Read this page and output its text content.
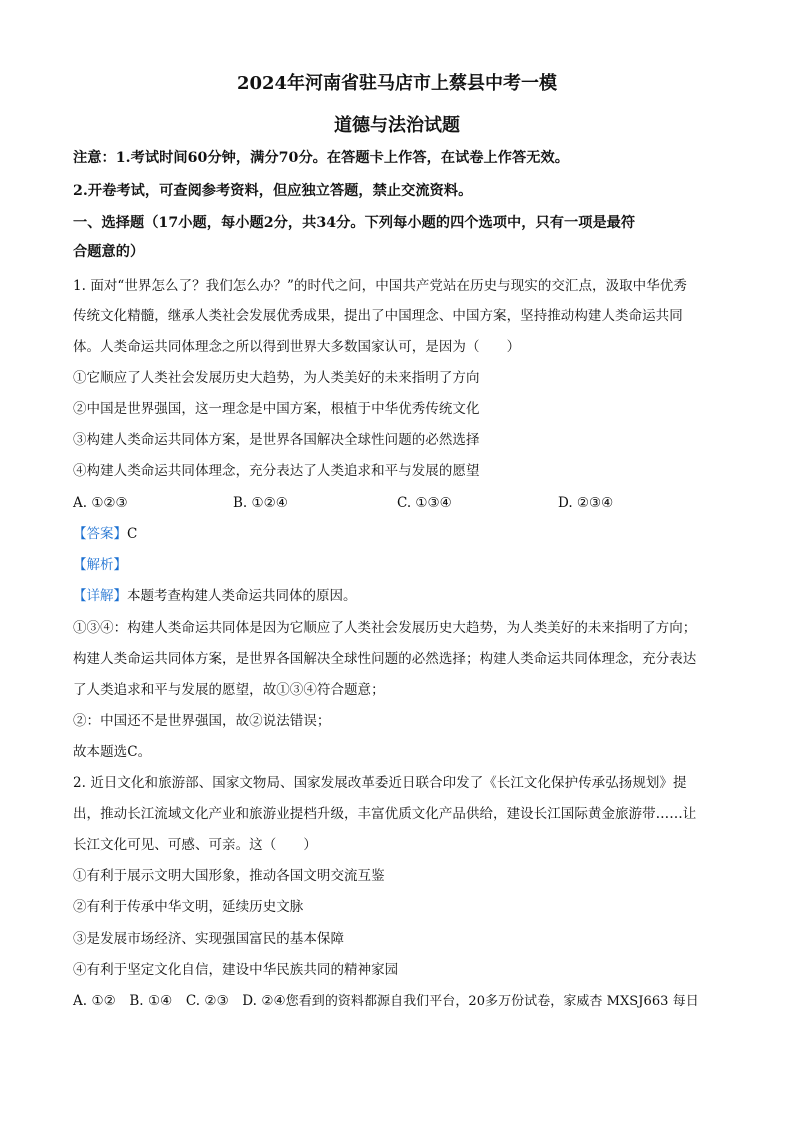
2024年河南省驻马店市上蔡县中考一模
道德与法治试题
注意：1.考试时间60分钟，满分70分。在答题卡上作答，在试卷上作答无效。
2.开卷考试，可查阅参考资料，但应独立答题，禁止交流资料。
一、选择题（17小题，每小题2分，共34分。下列每小题的四个选项中，只有一项是最符
合题意的）
1. 面对“世界怎么了？我们怎么办？”的时代之问，中国共产党站在历史与现实的交汇点，汲取中华优秀
传统文化精髓，继承人类社会发展优秀成果，提出了中国理念、中国方案，坚持推动构建人类命运共同
体。人类命运共同体理念之所以得到世界大多数国家认可，是因为（　　）
①它顺应了人类社会发展历史大趋势，为人类美好的未来指明了方向
②中国是世界强国，这一理念是中国方案，根植于中华优秀传统文化
③构建人类命运共同体方案，是世界各国解决全球性问题的必然选择
④构建人类命运共同体理念，充分表达了人类追求和平与发展的愿望
A. ①②③	B. ①②④	C. ①③④	D. ②③④
【答案】C
【解析】
【详解】本题考查构建人类命运共同体的原因。
①③④：构建人类命运共同体是因为它顺应了人类社会发展历史大趋势，为人类美好的未来指明了方向；
构建人类命运共同体方案，是世界各国解决全球性问题的必然选择；构建人类命运共同体理念，充分表达
了人类追求和平与发展的愿望，故①③④符合题意；
②：中国还不是世界强国，故②说法错误；
故本题选C。
2. 近日文化和旅游部、国家文物局、国家发展改革委近日联合印发了《长江文化保护传承弘扬规划》提
出，推动长江流域文化产业和旅游业提档升级，丰富优质文化产品供给，建设长江国际黄金旅游带……让
长江文化可见、可感、可亲。这（　　）
①有利于展示文明大国形象，推动各国文明交流互鉴
②有利于传承中华文明，延续历史文脉
③是发展市场经济、实现强国富民的基本保障
④有利于坚定文化自信，建设中华民族共同的精神家园
A. ①②　B. ①④　C. ②③　D. ②④您看到的资料都源自我们平台，20多万份试卷，家威杏 MXSJ663 每日
